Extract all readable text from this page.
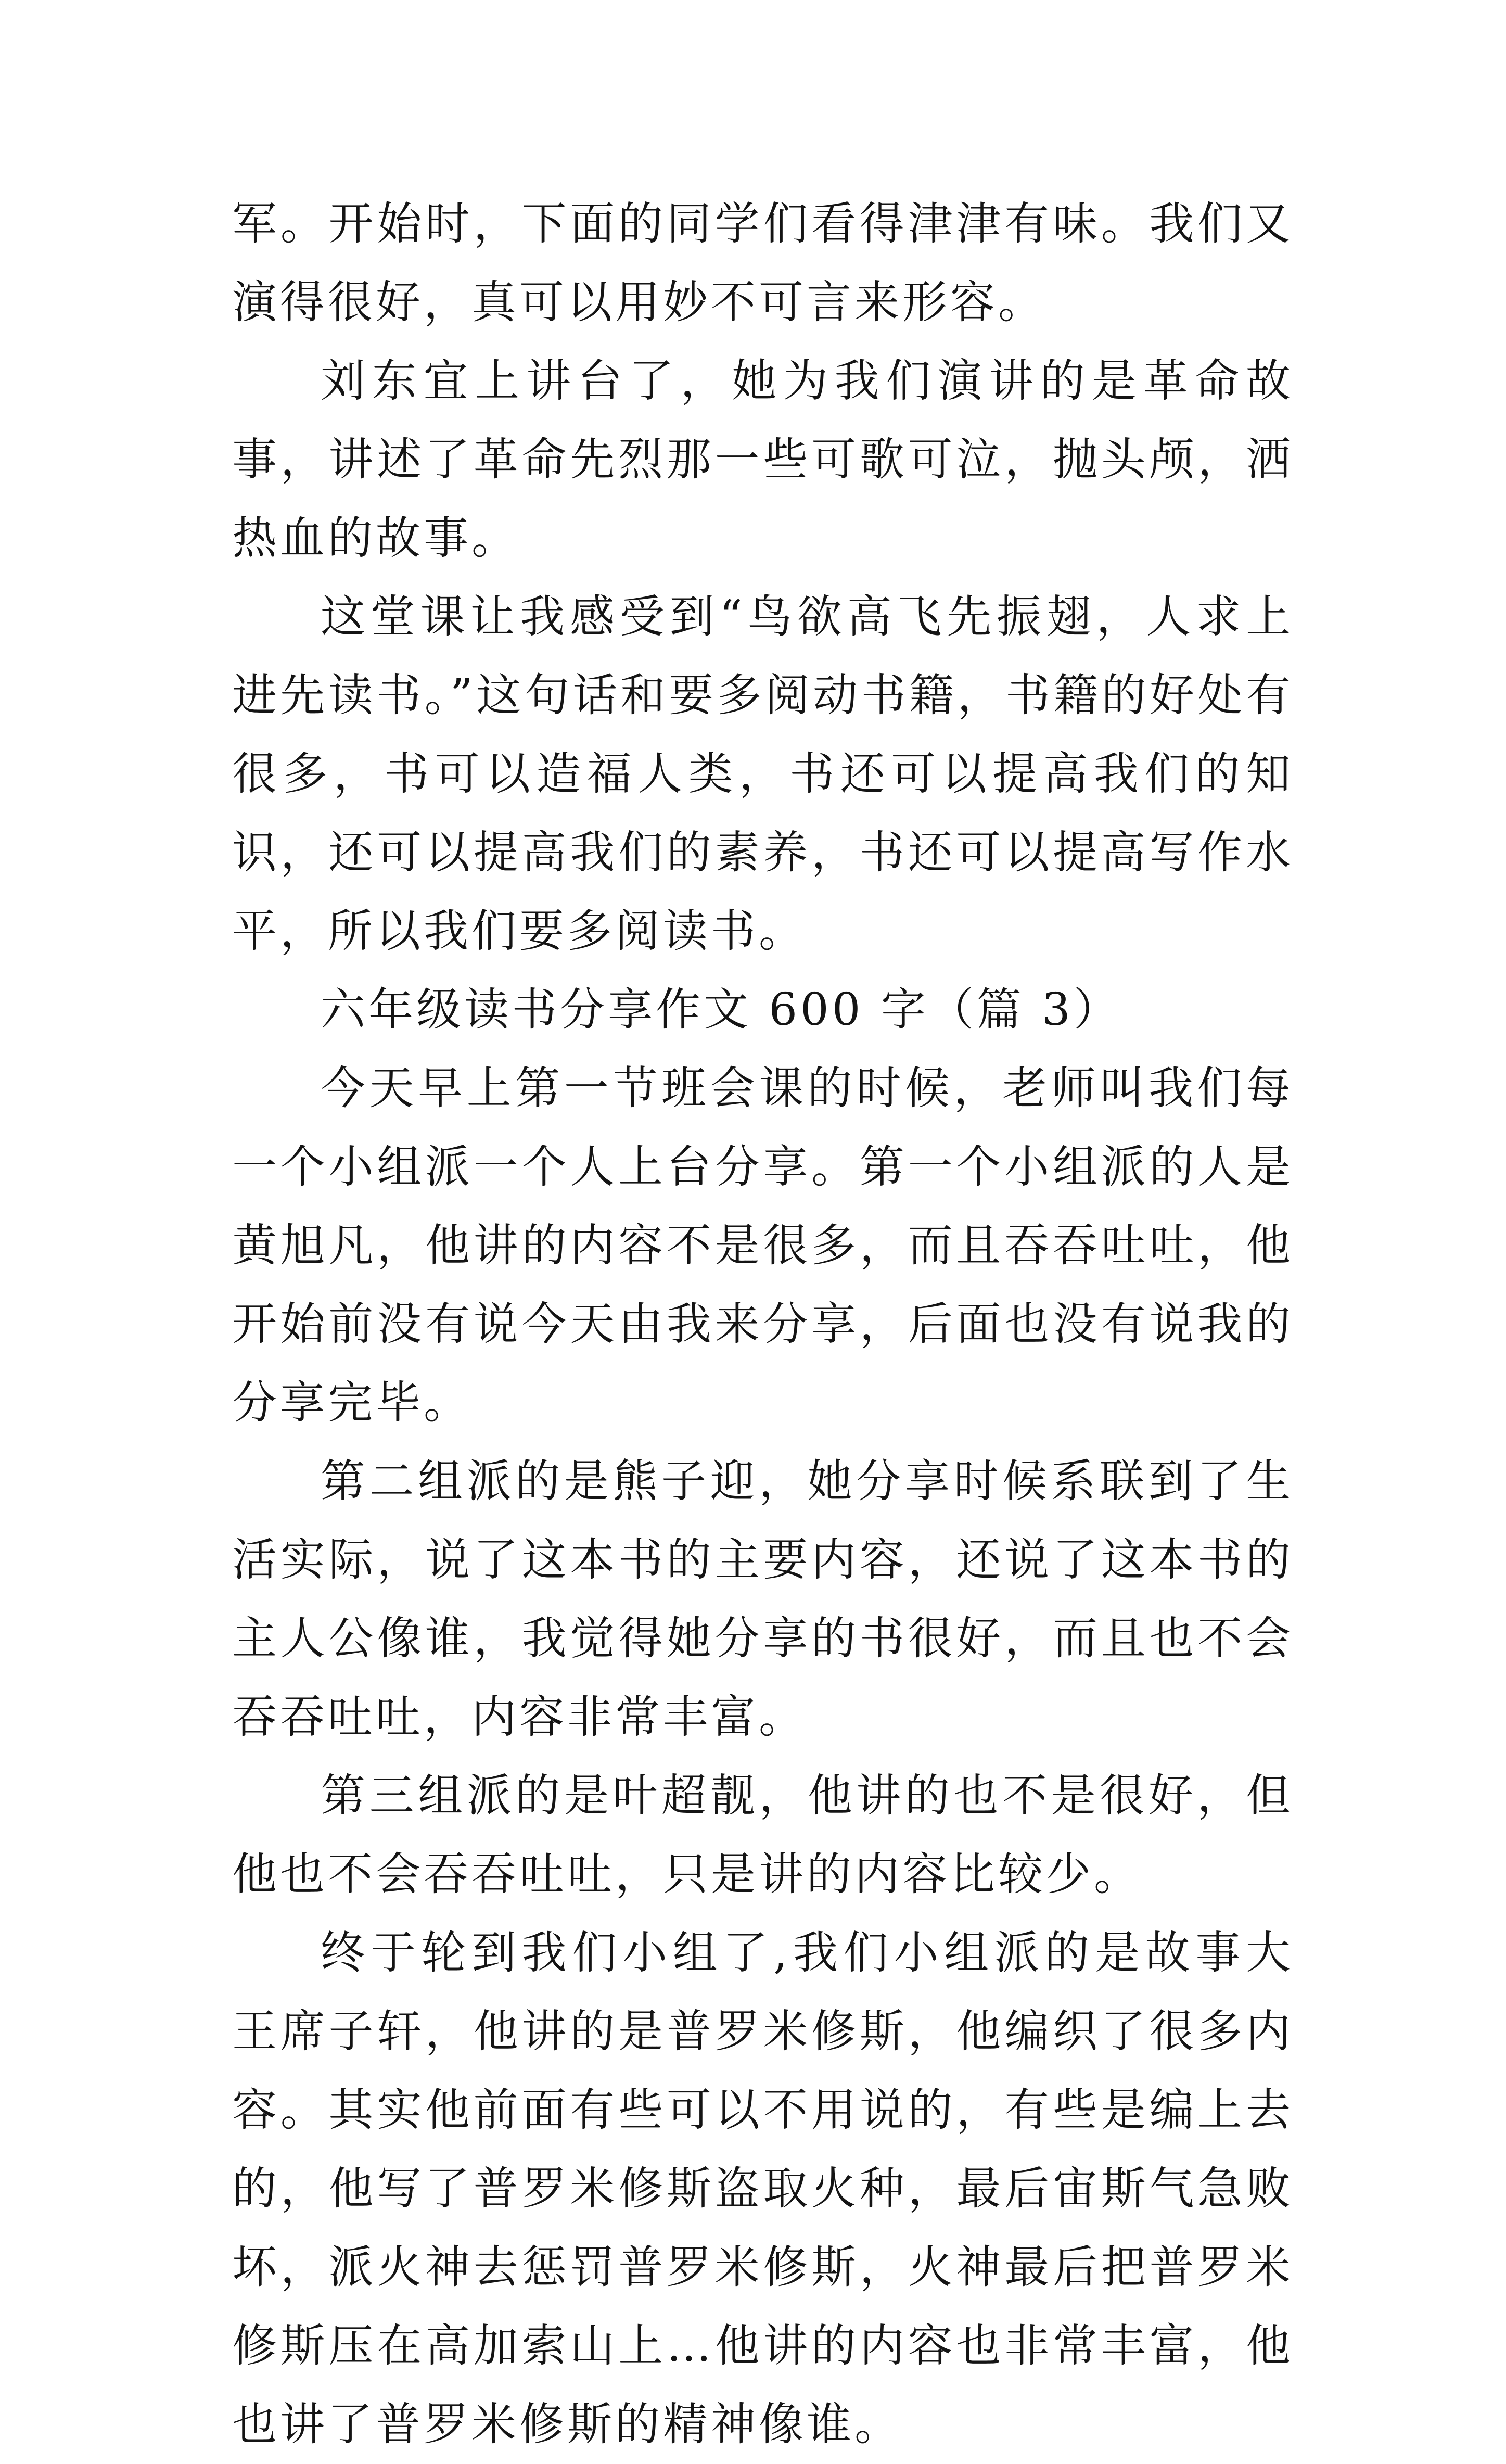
军。开始时，下面的同学们看得津津有味。我们又演得很好，真可以用妙不可言来形容。

刘东宜上讲台了，她为我们演讲的是革命故事，讲述了革命先烈那一些可歌可泣，抛头颅，洒热血的故事。

这堂课让我感受到“鸟欲高飞先振翅，人求上进先读书。”这句话和要多阅动书籍，书籍的好处有很多，书可以造福人类，书还可以提高我们的知识，还可以提高我们的素养，书还可以提高写作水平，所以我们要多阅读书。

六年级读书分享作文 600 字（篇 3）

今天早上第一节班会课的时候，老师叫我们每一个小组派一个人上台分享。第一个小组派的人是黄旭凡，他讲的内容不是很多，而且吞吞吐吐，他开始前没有说今天由我来分享，后面也没有说我的分享完毕。

第二组派的是熊子迎，她分享时候系联到了生活实际，说了这本书的主要内容，还说了这本书的主人公像谁，我觉得她分享的书很好，而且也不会吞吞吐吐，内容非常丰富。

第三组派的是叶超靓，他讲的也不是很好，但他也不会吞吞吐吐，只是讲的内容比较少。

终于轮到我们小组了,我们小组派的是故事大王席子轩，他讲的是普罗米修斯，他编织了很多内容。其实他前面有些可以不用说的，有些是编上去的，他写了普罗米修斯盗取火种，最后宙斯气急败坏，派火神去惩罚普罗米修斯，火神最后把普罗米修斯压在高加索山上…他讲的内容也非常丰富，他也讲了普罗米修斯的精神像谁。
